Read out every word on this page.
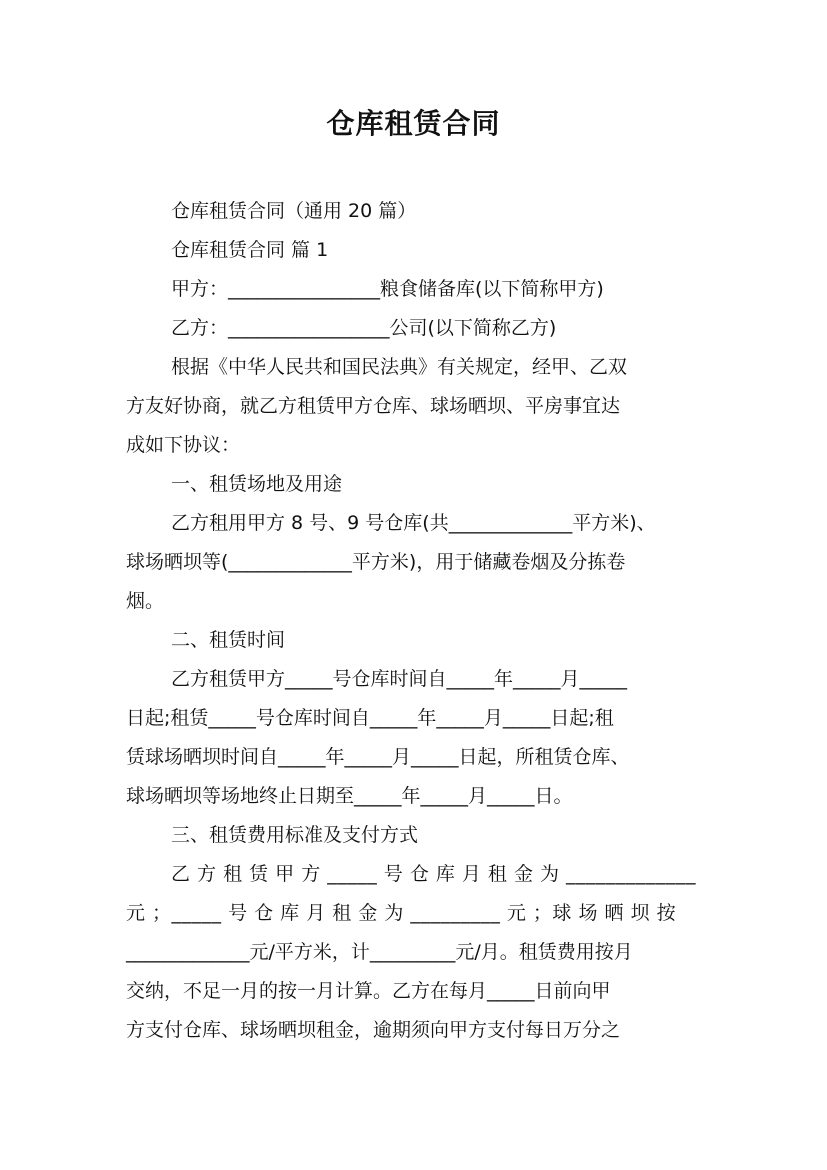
仓库租赁合同
仓库租赁合同（通用 20 篇）
仓库租赁合同 篇 1
甲方：________________粮食储备库(以下简称甲方)
乙方：_________________公司(以下简称乙方)
根据《中华人民共和国民法典》有关规定，经甲、乙双
方友好协商，就乙方租赁甲方仓库、球场晒坝、平房事宜达
成如下协议：
一、租赁场地及用途
乙方租用甲方 8 号、9 号仓库(共_____________平方米)、
球场晒坝等(_____________平方米)，用于储藏卷烟及分拣卷
烟。
二、租赁时间
乙方租赁甲方_____号仓库时间自_____年_____月_____
日起;租赁_____号仓库时间自_____年_____月_____日起;租
赁球场晒坝时间自_____年_____月_____日起，所租赁仓库、
球场晒坝等场地终止日期至_____年_____月_____日。
三、租赁费用标准及支付方式
乙 方 租 赁 甲 方 _____ 号 仓 库 月 租 金 为 _____________
元 ；_____ 号 仓 库 月 租 金 为 _________ 元 ；球 场 晒 坝 按
_____________元/平方米，计_________元/月。租赁费用按月
交纳，不足一月的按一月计算。乙方在每月_____日前向甲
方支付仓库、球场晒坝租金，逾期须向甲方支付每日万分之
